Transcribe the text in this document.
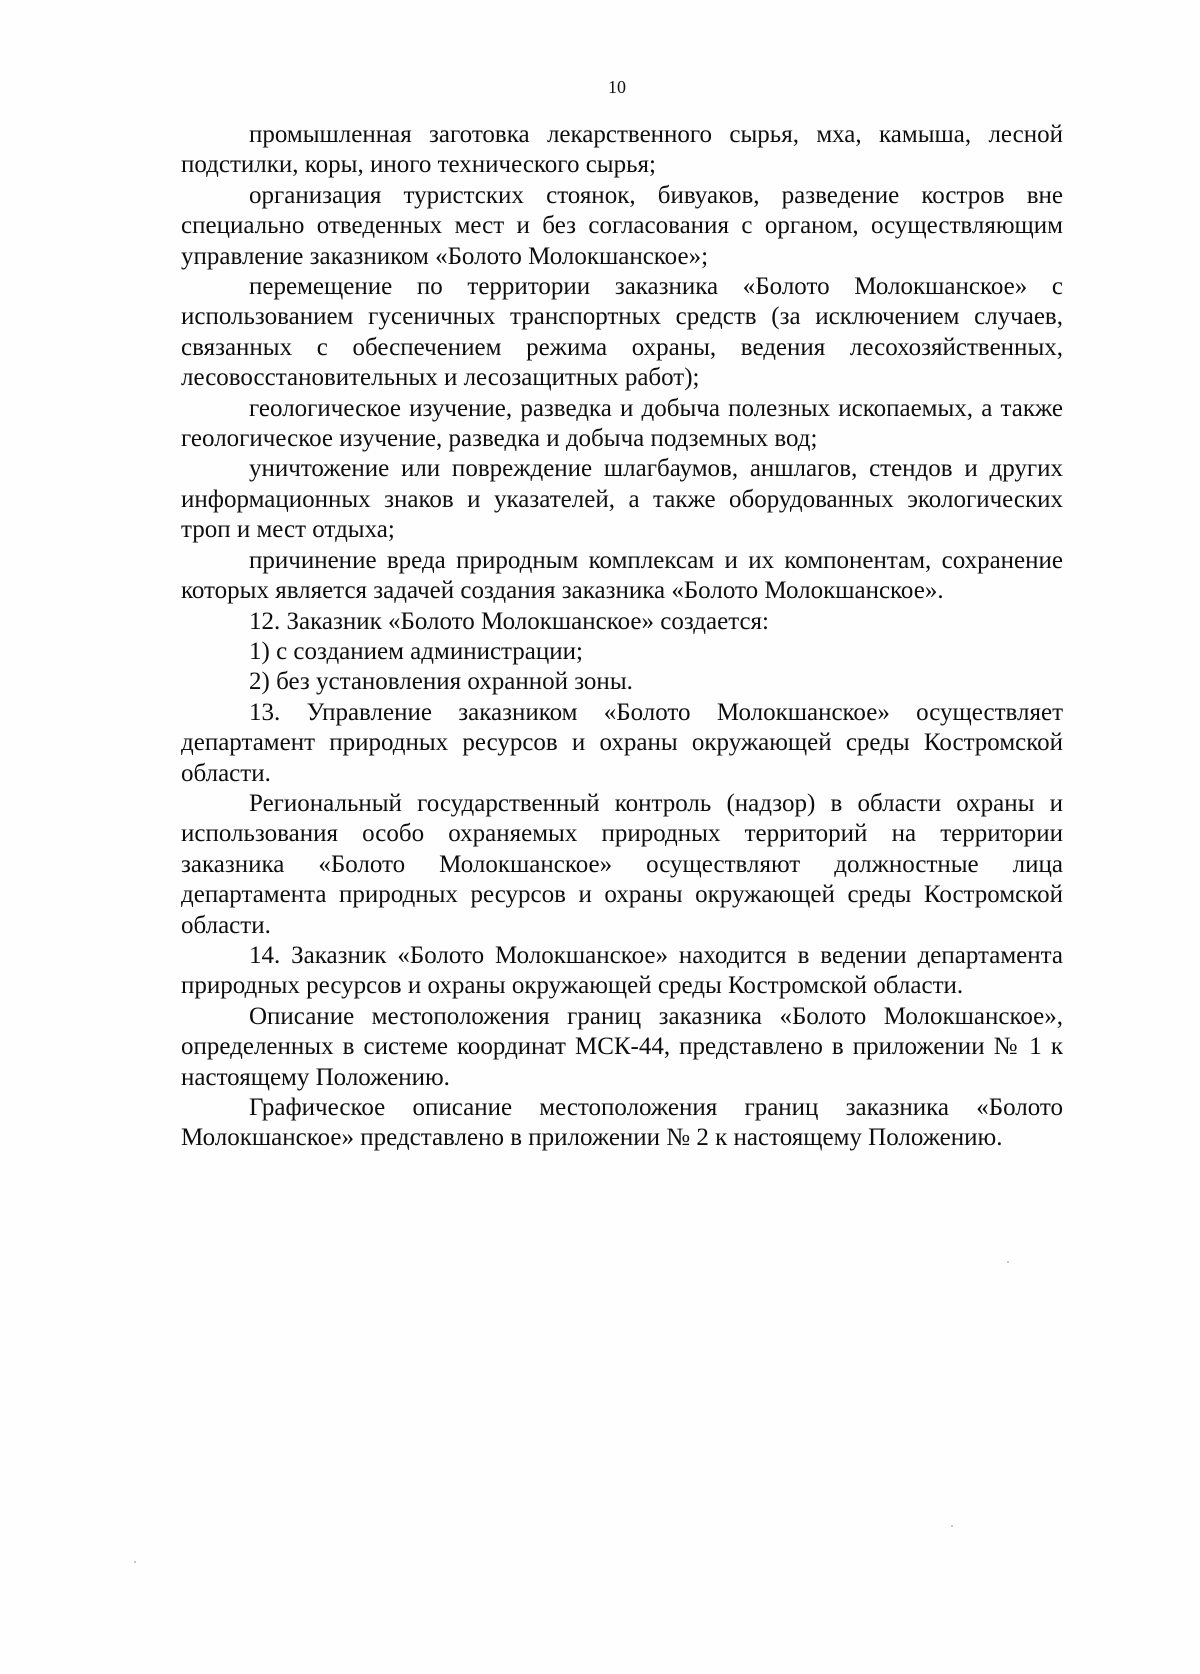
10

промышленная заготовка лекарственного сырья, мха, камыша, лесной подстилки, коры, иного технического сырья;

организация туристских стоянок, бивуаков, разведение костров вне специально отведенных мест и без согласования с органом, осуществляющим управление заказником «Болото Молокшанское»;

перемещение по территории заказника «Болото Молокшанское» с использованием гусеничных транспортных средств (за исключением случаев, связанных с обеспечением режима охраны, ведения лесохозяйственных, лесовосстановительных и лесозащитных работ);

геологическое изучение, разведка и добыча полезных ископаемых, а также геологическое изучение, разведка и добыча подземных вод;

уничтожение или повреждение шлагбаумов, аншлагов, стендов и других информационных знаков и указателей, а также оборудованных экологических троп и мест отдыха;

причинение вреда природным комплексам и их компонентам, сохранение которых является задачей создания заказника «Болото Молокшанское».

12. Заказник «Болото Молокшанское» создается:

1) с созданием администрации;

2) без установления охранной зоны.

13. Управление заказником «Болото Молокшанское» осуществляет департамент природных ресурсов и охраны окружающей среды Костромской области.

Региональный государственный контроль (надзор) в области охраны и использования особо охраняемых природных территорий на территории заказника «Болото Молокшанское» осуществляют должностные лица департамента природных ресурсов и охраны окружающей среды Костромской области.

14. Заказник «Болото Молокшанское» находится в ведении департамента природных ресурсов и охраны окружающей среды Костромской области.

Описание местоположения границ заказника «Болото Молокшанское», определенных в системе координат МСК-44, представлено в приложении № 1 к настоящему Положению.

Графическое описание местоположения границ заказника «Болото Молокшанское» представлено в приложении № 2 к настоящему Положению.
